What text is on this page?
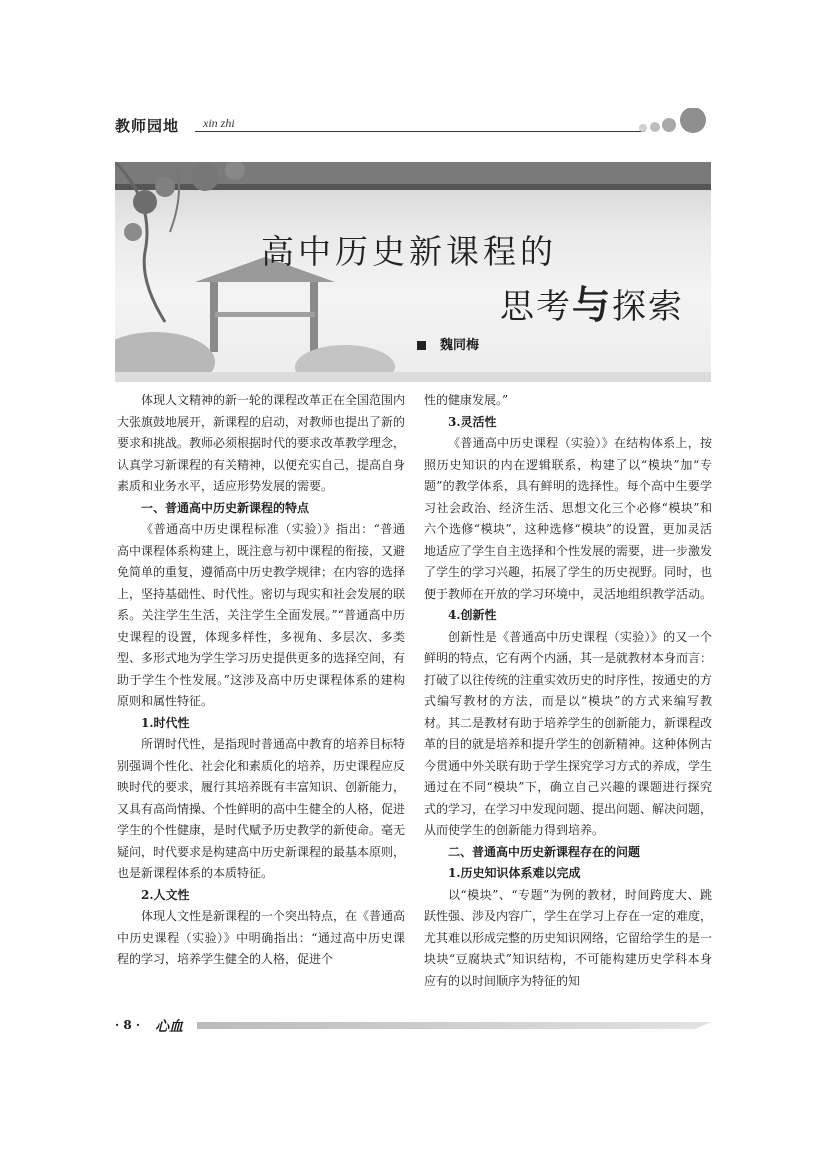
教师园地 xin zhi
高中历史新课程的
思考与探索
魏同梅

体现人文精神的新一轮的课程改革正在全国范围内大张旗鼓地展开，新课程的启动，对教师也提出了新的要求和挑战。教师必须根据时代的要求改革教学理念，认真学习新课程的有关精神，以便充实自己，提高自身素质和业务水平，适应形势发展的需要。

一、普通高中历史新课程的特点

《普通高中历史课程标准（实验）》指出：“普通高中课程体系构建上，既注意与初中课程的衔接，又避免简单的重复，遵循高中历史教学规律；在内容的选择上，坚持基础性、时代性。密切与现实和社会发展的联系。关注学生生活，关注学生全面发展。”“普通高中历史课程的设置，体现多样性，多视角、多层次、多类型、多形式地为学生学习历史提供更多的选择空间，有助于学生个性发展。”这涉及高中历史课程体系的建构原则和属性特征。

1.时代性

所谓时代性，是指现时普通高中教育的培养目标特别强调个性化、社会化和素质化的培养，历史课程应反映时代的要求，履行其培养既有丰富知识、创新能力，又具有高尚情操、个性鲜明的高中生健全的人格，促进学生的个性健康，是时代赋予历史教学的新使命。毫无疑问，时代要求是构建高中历史新课程的最基本原则，也是新课程体系的本质特征。

2.人文性

体现人文性是新课程的一个突出特点，在《普通高中历史课程（实验）》中明确指出：“通过高中历史课程的学习，培养学生健全的人格，促进个

性的健康发展。”

3.灵活性

《普通高中历史课程（实验）》在结构体系上，按照历史知识的内在逻辑联系，构建了以“模块”加“专题”的教学体系，具有鲜明的选择性。每个高中生要学习社会政治、经济生活、思想文化三个必修“模块”和六个选修“模块”，这种选修“模块”的设置，更加灵活地适应了学生自主选择和个性发展的需要，进一步激发了学生的学习兴趣，拓展了学生的历史视野。同时，也便于教师在开放的学习环境中，灵活地组织教学活动。

4.创新性

创新性是《普通高中历史课程（实验）》的又一个鲜明的特点，它有两个内涵，其一是就教材本身而言：打破了以往传统的注重实效历史的时序性，按通史的方式编写教材的方法，而是以“模块”的方式来编写教材。其二是教材有助于培养学生的创新能力，新课程改革的目的就是培养和提升学生的创新精神。这种体例古今贯通中外关联有助于学生探究学习方式的养成，学生通过在不同“模块”下，确立自己兴趣的课题进行探究式的学习，在学习中发现问题、提出问题、解决问题，从而使学生的创新能力得到培养。

二、普通高中历史新课程存在的问题

1.历史知识体系难以完成

以“模块”、“专题”为例的教材，时间跨度大、跳跃性强、涉及内容广，学生在学习上存在一定的难度，尤其难以形成完整的历史知识网络，它留给学生的是一块块“豆腐块式”知识结构，不可能构建历史学科本身应有的以时间顺序为特征的知

· 8 · 心血
